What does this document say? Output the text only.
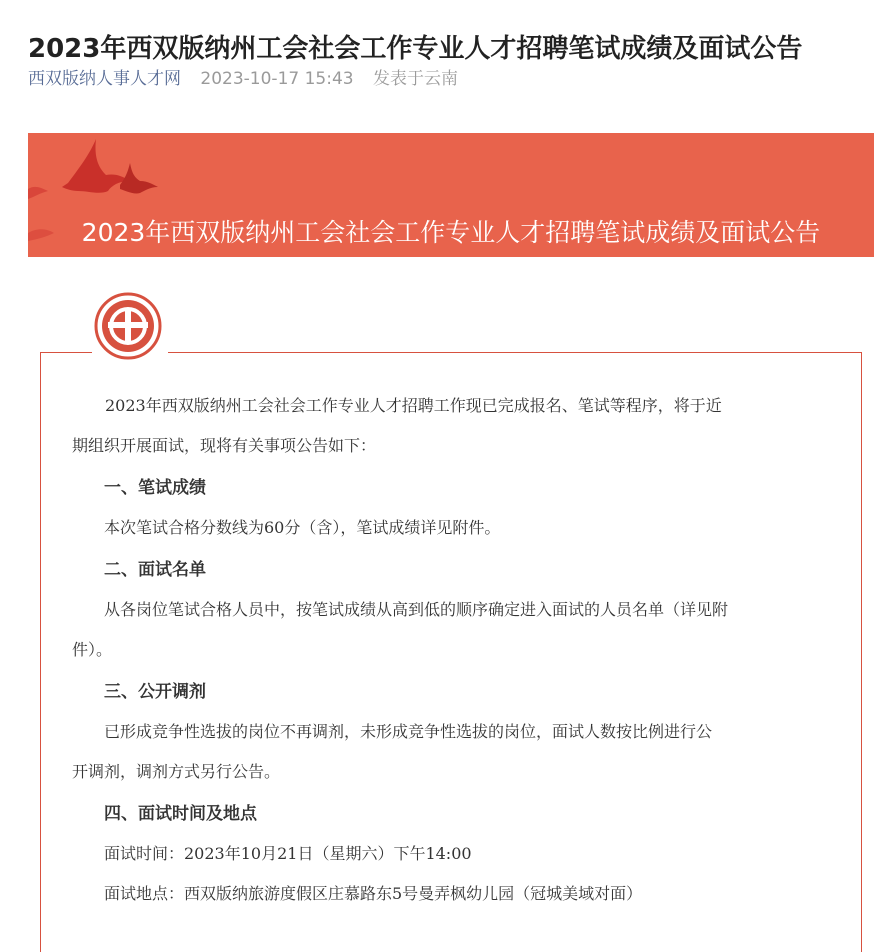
2023年西双版纳州工会社会工作专业人才招聘笔试成绩及面试公告
西双版纳人事人才网 2023-10-17 15:43 发表于云南
2023年西双版纳州工会社会工作专业人才招聘笔试成绩及面试公告

2023年西双版纳州工会社会工作专业人才招聘工作现已完成报名、笔试等程序，将于近

期组织开展面试，现将有关事项公告如下：

一、笔试成绩

本次笔试合格分数线为60分（含），笔试成绩详见附件。

二、面试名单

从各岗位笔试合格人员中，按笔试成绩从高到低的顺序确定进入面试的人员名单（详见附

件）。

三、公开调剂

已形成竞争性选拔的岗位不再调剂，未形成竞争性选拔的岗位，面试人数按比例进行公

开调剂，调剂方式另行公告。

四、面试时间及地点

面试时间：2023年10月21日（星期六）下午14:00

面试地点：西双版纳旅游度假区庄慕路东5号曼弄枫幼儿园（冠城美域对面）
